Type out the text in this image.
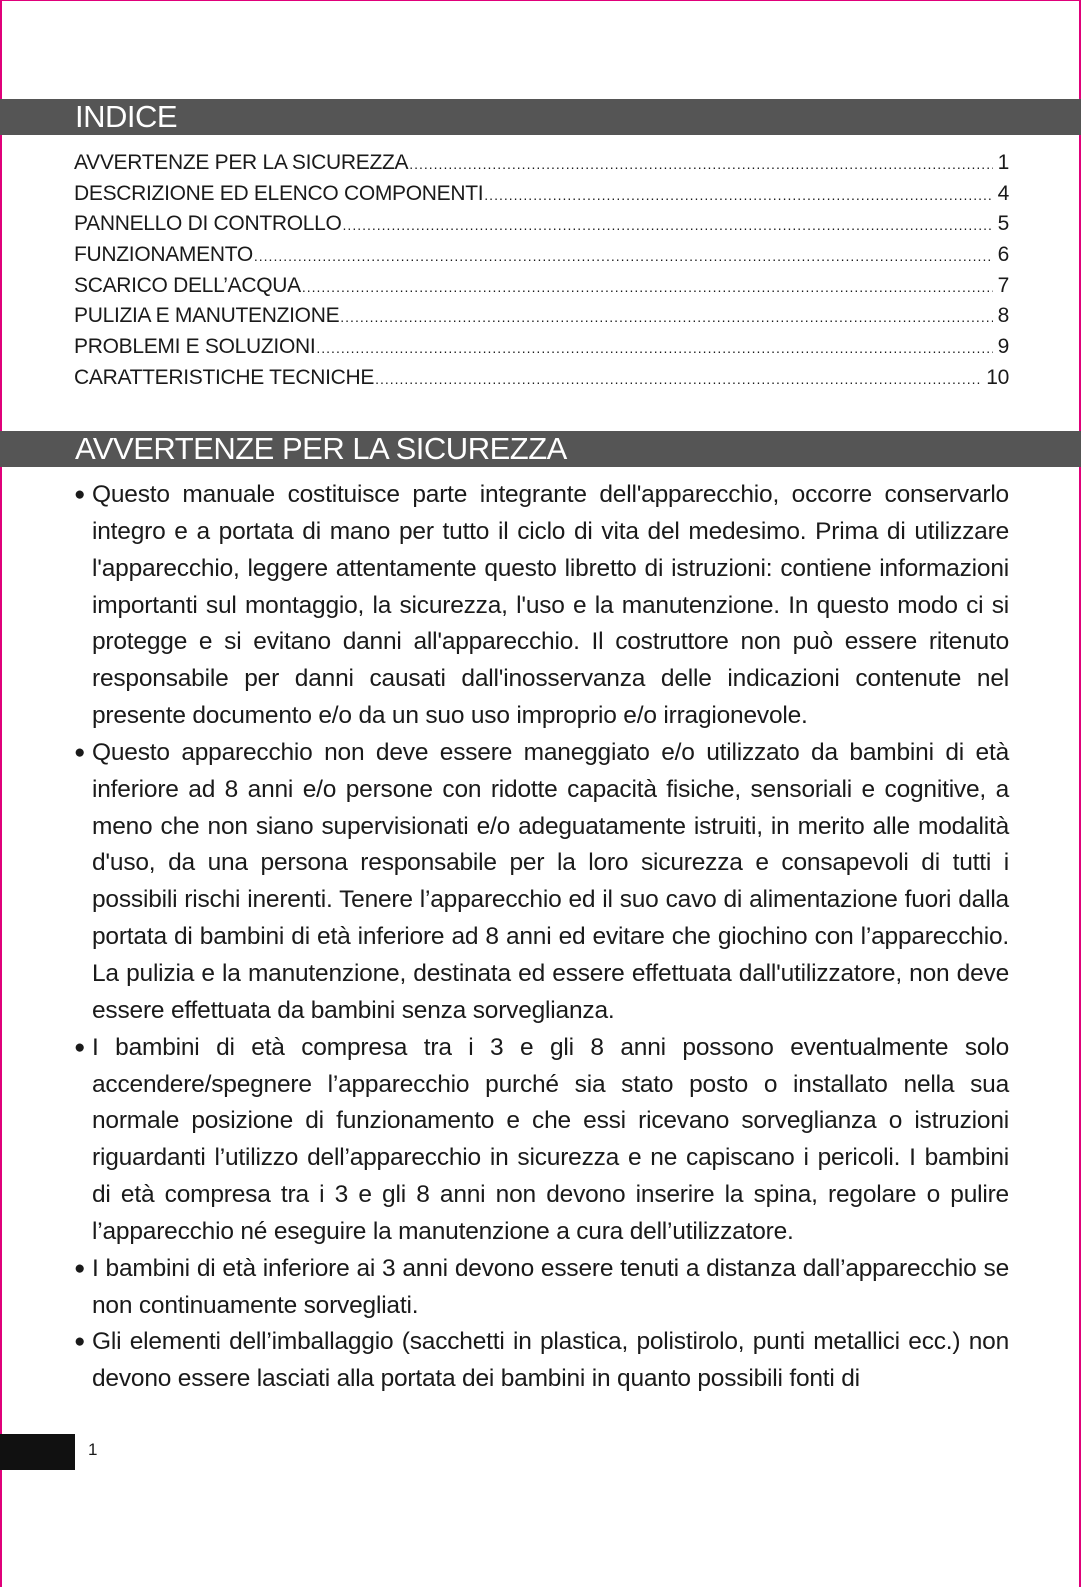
INDICE
AVVERTENZE PER LA SICUREZZA .....	1
DESCRIZIONE ED ELENCO COMPONENTI .....	4
PANNELLO DI CONTROLLO .....	5
FUNZIONAMENTO .....	6
SCARICO DELL’ACQUA .....	7
PULIZIA E MANUTENZIONE .....	8
PROBLEMI E SOLUZIONI .....	9
CARATTERISTICHE TECNICHE .....	10
AVVERTENZE PER LA SICUREZZA
● Questo manuale costituisce parte integrante dell'apparecchio, occorre conservarlo integro e a portata di mano per tutto il ciclo di vita del medesimo. Prima di utilizzare l'apparecchio, leggere attentamente questo libretto di istruzioni: contiene informazioni importanti sul montaggio, la sicurezza, l'uso e la manutenzione. In questo modo ci si protegge e si evitano danni all'apparecchio. Il costruttore non può essere ritenuto responsabile per danni causati dall'inosservanza delle indicazioni contenute nel presente documento e/o da un suo uso improprio e/o irragionevole.
● Questo apparecchio non deve essere maneggiato e/o utilizzato da bambini di età inferiore ad 8 anni e/o persone con ridotte capacità fisiche, sensoriali e cognitive, a meno che non siano supervisionati e/o adeguatamente istruiti, in merito alle modalità d'uso, da una persona responsabile per la loro sicurezza e consapevoli di tutti i possibili rischi inerenti. Tenere l’apparecchio ed il suo cavo di alimentazione fuori dalla portata di bambini di età inferiore ad 8 anni ed evitare che giochino con l’apparecchio. La pulizia e la manutenzione, destinata ed essere effettuata dall'utilizzatore, non deve essere effettuata da bambini senza sorveglianza.
● I bambini di età compresa tra i 3 e gli 8 anni possono eventualmente solo accendere/spegnere l’apparecchio purché sia stato posto o installato nella sua normale posizione di funzionamento e che essi ricevano sorveglianza o istruzioni riguardanti l’utilizzo dell’apparecchio in sicurezza e ne capiscano i pericoli. I bambini di età compresa tra i 3 e gli 8 anni non devono inserire la spina, regolare o pulire l’apparecchio né eseguire la manutenzione a cura dell’utilizzatore.
● I bambini di età inferiore ai 3 anni devono essere tenuti a distanza dall’apparecchio se non continuamente sorvegliati.
● Gli elementi dell’imballaggio (sacchetti in plastica, polistirolo, punti metallici ecc.) non devono essere lasciati alla portata dei bambini in quanto possibili fonti di
1
